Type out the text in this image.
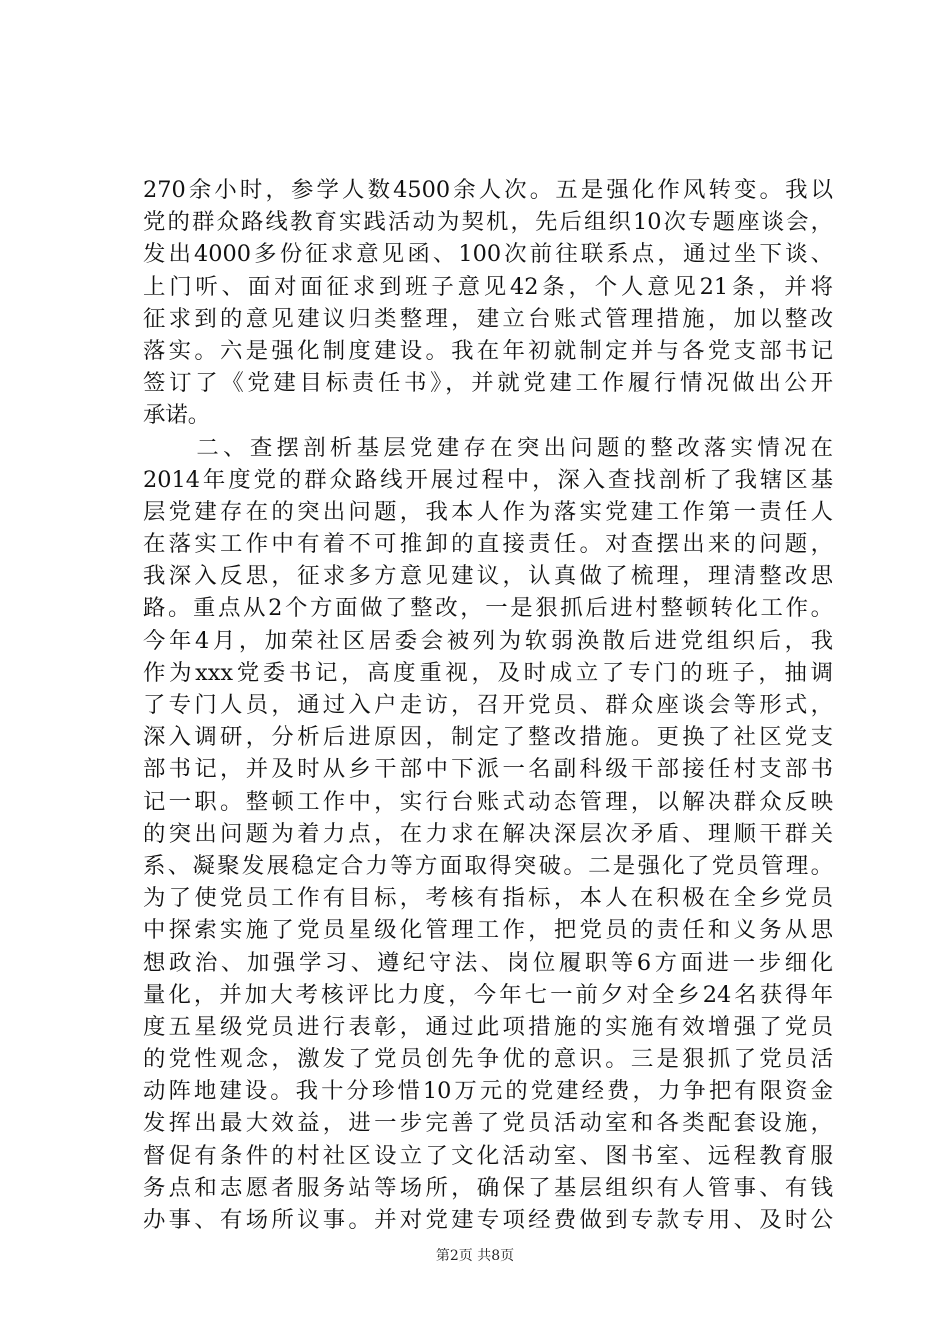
270余小时，参学人数4500余人次。五是强化作风转变。我以
党的群众路线教育实践活动为契机，先后组织10次专题座谈会，
发出4000多份征求意见函、100次前往联系点，通过坐下谈、
上门听、面对面征求到班子意见42条，个人意见21条，并将
征求到的意见建议归类整理，建立台账式管理措施，加以整改
落实。六是强化制度建设。我在年初就制定并与各党支部书记
签订了《党建目标责任书》，并就党建工作履行情况做出公开
承诺。
　　二、查摆剖析基层党建存在突出问题的整改落实情况在
2014年度党的群众路线开展过程中，深入查找剖析了我辖区基
层党建存在的突出问题，我本人作为落实党建工作第一责任人
在落实工作中有着不可推卸的直接责任。对查摆出来的问题，
我深入反思，征求多方意见建议，认真做了梳理，理清整改思
路。重点从2个方面做了整改，一是狠抓后进村整顿转化工作。
今年4月，加荣社区居委会被列为软弱涣散后进党组织后，我
作为xxx党委书记，高度重视，及时成立了专门的班子，抽调
了专门人员，通过入户走访，召开党员、群众座谈会等形式，
深入调研，分析后进原因，制定了整改措施。更换了社区党支
部书记，并及时从乡干部中下派一名副科级干部接任村支部书
记一职。整顿工作中，实行台账式动态管理，以解决群众反映
的突出问题为着力点，在力求在解决深层次矛盾、理顺干群关
系、凝聚发展稳定合力等方面取得突破。二是强化了党员管理。
为了使党员工作有目标，考核有指标，本人在积极在全乡党员
中探索实施了党员星级化管理工作，把党员的责任和义务从思
想政治、加强学习、遵纪守法、岗位履职等6方面进一步细化
量化，并加大考核评比力度，今年七一前夕对全乡24名获得年
度五星级党员进行表彰，通过此项措施的实施有效增强了党员
的党性观念，激发了党员创先争优的意识。三是狠抓了党员活
动阵地建设。我十分珍惜10万元的党建经费，力争把有限资金
发挥出最大效益，进一步完善了党员活动室和各类配套设施，
督促有条件的村社区设立了文化活动室、图书室、远程教育服
务点和志愿者服务站等场所，确保了基层组织有人管事、有钱
办事、有场所议事。并对党建专项经费做到专款专用、及时公
第2页 共8页
